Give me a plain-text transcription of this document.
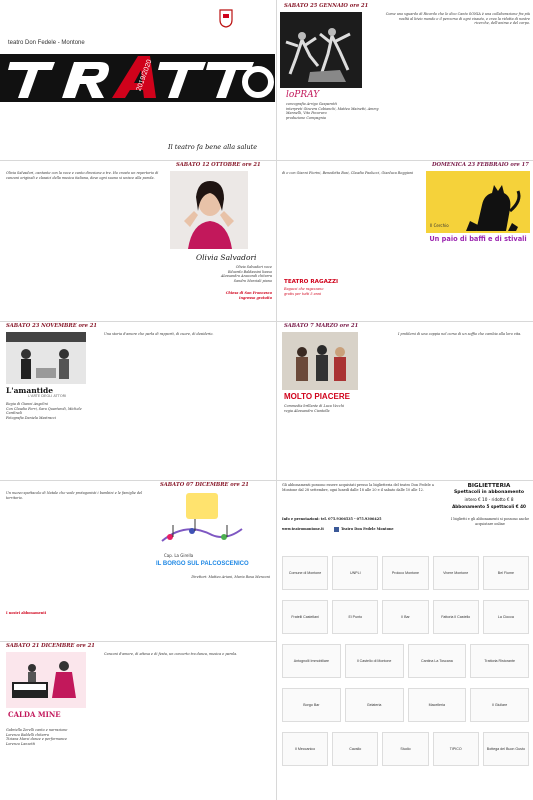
teatro Don Fedele - Montone
2019/2020
Il teatro fa bene alla salute
SABATO 25 GENNAIO ore 21
loPRAY
coreografia Arrigo Gasparotti
interpreti Ginevra Cobianchi, Matteo Mainetti, Ammy Mannelli, Vito Pecoraro
produzione Compagnia
Come uno sguardo di Ricordo che le dico Canto SONIA è una collaborazione fra più realtà al bivio mondo e il percorso di ogni vissuto, e crea la ridotta di nostre ricerche, dell'anima e del corpo.
SABATO 12 OTTOBRE ore 21
Olivia Salvadori, cantante con la voce e canto direzione a tre. Ho creato un repertorio di canzoni originali e classici della musica italiana, dove ogni suono si unisce alla parola.
Olivia Salvadori
Olivia Salvadori voce
Edoardo Baldassini basso
Alessandro Anacondi chitarra
Sandro Marziali piano
Chiesa di San Francesco
ingresso gratuito
DOMENICA 23 FEBBRAIO ore 17
di e con Gianni Fiorini, Benedetta Bosi, Claudio Paolucci, Gianluca Reggiani
Il Cerchio
Un paio di baffi e di stivali
TEATRO RAGAZZI
Ragazzi che ragazzano
gratis per tutti 5 anni
SABATO 23 NOVEMBRE ore 21
L'amantide
L'ARTE DEGLI ATTORI
Regia di Gianni Angelini
Con Claudio Ferri, Sara Quartaroli, Michele Cardinali
Fotografia Daniela Mastracci
Una storia d'amore che parla di rapporti, di cuore, di desiderio.
SABATO 7 MARZO ore 21
MOLTO PIACERE
Commedia brillante di Luca Vecchi
regia Alessandro Ciantella
I problemi di una coppia nel corso di un soffio che cambia alla loro vita.
SABATO 07 DICEMBRE ore 21
Un nuovo spettacolo di Natale che vede protagonisti i bambini e le famiglie del territorio.
Cap. La Girella
IL BORGO SUL PALCOSCENICO
Direttori: Matteo Ariani, Maria Rosa Menconi
I nostri abbonamenti
Gli abbonamenti possono essere acquistati presso la biglietteria del teatro Don Fedele a Montone dal 28 settembre, ogni lunedì dalle 18 alle 20 e il sabato dalle 10 alle 12.
Info e prenotazioni: tel. 075.9306535 - 075.9306425
www.teatromontone.it	Teatro Don Fedele Montone
BIGLIETTERIA
Spettacoli in abbonamento
intero € 10 - ridotto € 8
Abbonamento 5 spettacoli € 40
I biglietti e gli abbonamenti si possono anche acquistare online
Comune di Montone	UNPLI	Proloco Montone	Vivere Montone	Bel Fiume
Fratelli Castellani	El Punto	Il Bar	Fattoria Il Castello	La Ciocca
Antognolli Immobiliare	Il Castello di Montone	Cantina La Toscana	Trattoria Ristorante
Borgo Bar	Gelateria	Macelleria	Il Giullare
Il Meccanico	Cavallo	Studio	TIPICO	Bottega del Buon Gusto
SABATO 21 DICEMBRE ore 21
CALDA MINE
Gabriella Zerelli canto e narrazione
Lorenzo Baldelli chitarra
Tiziana Marzi danze e performance
Lorenzo Lanzetti
Canzoni d'amore, di attesa e di festa, un concerto tra danza, musica e parola.
